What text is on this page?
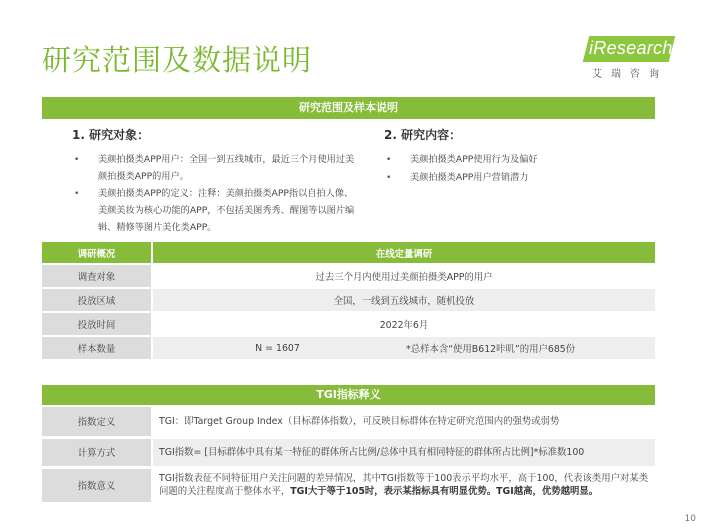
研究范围及数据说明	iResearch
艾瑞咨询
研究范围及样本说明
1. 研究对象：
• 美颜拍摄类APP用户：全国一到五线城市，最近三个月使用过美颜拍摄类APP的用户。
• 美颜拍摄类APP的定义：注释：美颜拍摄类APP指以自拍人像、美颜美妆为核心功能的APP，不包括美图秀秀、醒图等以图片编辑、精修等图片美化类APP。
2. 研究内容：
• 美颜拍摄类APP使用行为及偏好
• 美颜拍摄类APP用户营销潜力
调研概况	在线定量调研	
调查对象	过去三个月内使用过美颜拍摄类APP的用户	
投放区域	全国，一线到五线城市，随机投放	
投放时间	2022年6月	
样本数量	N = 1607	*总样本含“使用B612咔叽”的用户685份
TGI指标释义
指数定义	TGI：即Target Group Index（目标群体指数），可反映目标群体在特定研究范围内的强势或弱势
计算方式	TGI指数= [目标群体中具有某一特征的群体所占比例/总体中具有相同特征的群体所占比例]*标准数100
指数意义	TGI指数表征不同特征用户关注问题的差异情况，其中TGI指数等于100表示平均水平，高于100，代表该类用户对某类问题的关注程度高于整体水平，TGI大于等于105时，表示某指标具有明显优势。TGI越高，优势越明显。
10
